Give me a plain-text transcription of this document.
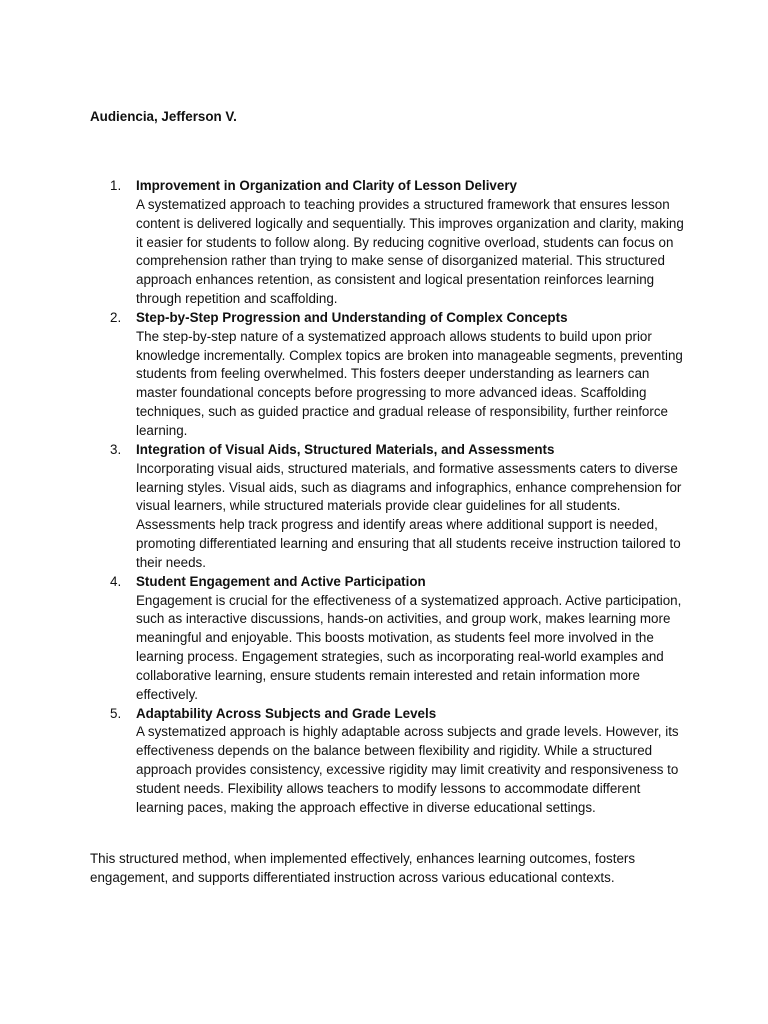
Audiencia, Jefferson V.

1.	Improvement in Organization and Clarity of Lesson Delivery
A systematized approach to teaching provides a structured framework that ensures lesson content is delivered logically and sequentially. This improves organization and clarity, making it easier for students to follow along. By reducing cognitive overload, students can focus on comprehension rather than trying to make sense of disorganized material. This structured approach enhances retention, as consistent and logical presentation reinforces learning through repetition and scaffolding.
2.	Step-by-Step Progression and Understanding of Complex Concepts
The step-by-step nature of a systematized approach allows students to build upon prior knowledge incrementally. Complex topics are broken into manageable segments, preventing students from feeling overwhelmed. This fosters deeper understanding as learners can master foundational concepts before progressing to more advanced ideas. Scaffolding techniques, such as guided practice and gradual release of responsibility, further reinforce learning.
3.	Integration of Visual Aids, Structured Materials, and Assessments
Incorporating visual aids, structured materials, and formative assessments caters to diverse learning styles. Visual aids, such as diagrams and infographics, enhance comprehension for visual learners, while structured materials provide clear guidelines for all students. Assessments help track progress and identify areas where additional support is needed, promoting differentiated learning and ensuring that all students receive instruction tailored to their needs.
4.	Student Engagement and Active Participation
Engagement is crucial for the effectiveness of a systematized approach. Active participation, such as interactive discussions, hands-on activities, and group work, makes learning more meaningful and enjoyable. This boosts motivation, as students feel more involved in the learning process. Engagement strategies, such as incorporating real-world examples and collaborative learning, ensure students remain interested and retain information more effectively.
5.	Adaptability Across Subjects and Grade Levels
A systematized approach is highly adaptable across subjects and grade levels. However, its effectiveness depends on the balance between flexibility and rigidity. While a structured approach provides consistency, excessive rigidity may limit creativity and responsiveness to student needs. Flexibility allows teachers to modify lessons to accommodate different learning paces, making the approach effective in diverse educational settings.

This structured method, when implemented effectively, enhances learning outcomes, fosters engagement, and supports differentiated instruction across various educational contexts.
